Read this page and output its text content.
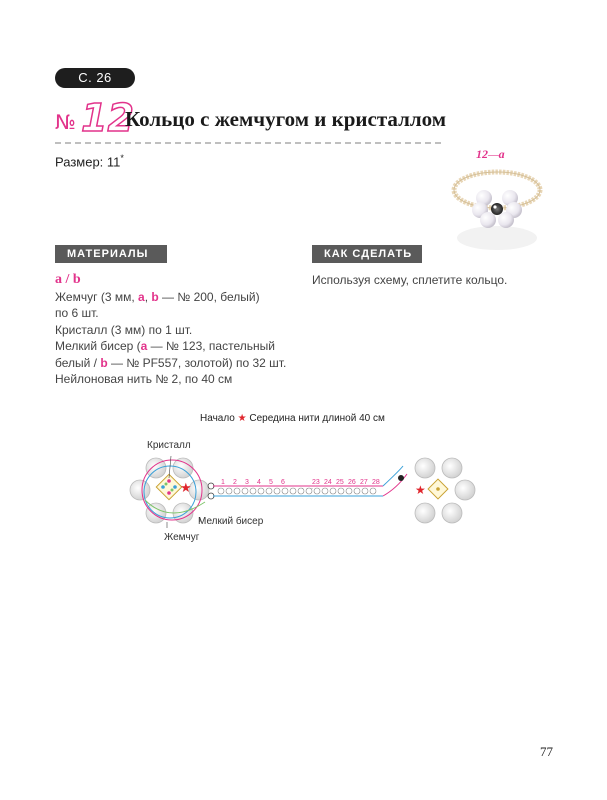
С. 26
№ 12
Кольцо с жемчугом и кристаллом
Размер: 11*	12—a
МАТЕРИАЛЫ	КАК СДЕЛАТЬ
a / b
Жемчуг (3 мм, a, b — № 200, белый)
по 6 шт.
Кристалл (3 мм) по 1 шт.
Мелкий бисер (a — № 123, пастельный
белый / b — № PF557, золотой) по 32 шт.
Нейлоновая нить № 2, по 40 см
Используя схему, сплетите кольцо.
Начало ★ Середина нити длиной 40 см
★	· · ·	★
1 2 3 4 5 6	23 24 25 26 27 28
Кристалл
Мелкий бисер
Жемчуг
77
